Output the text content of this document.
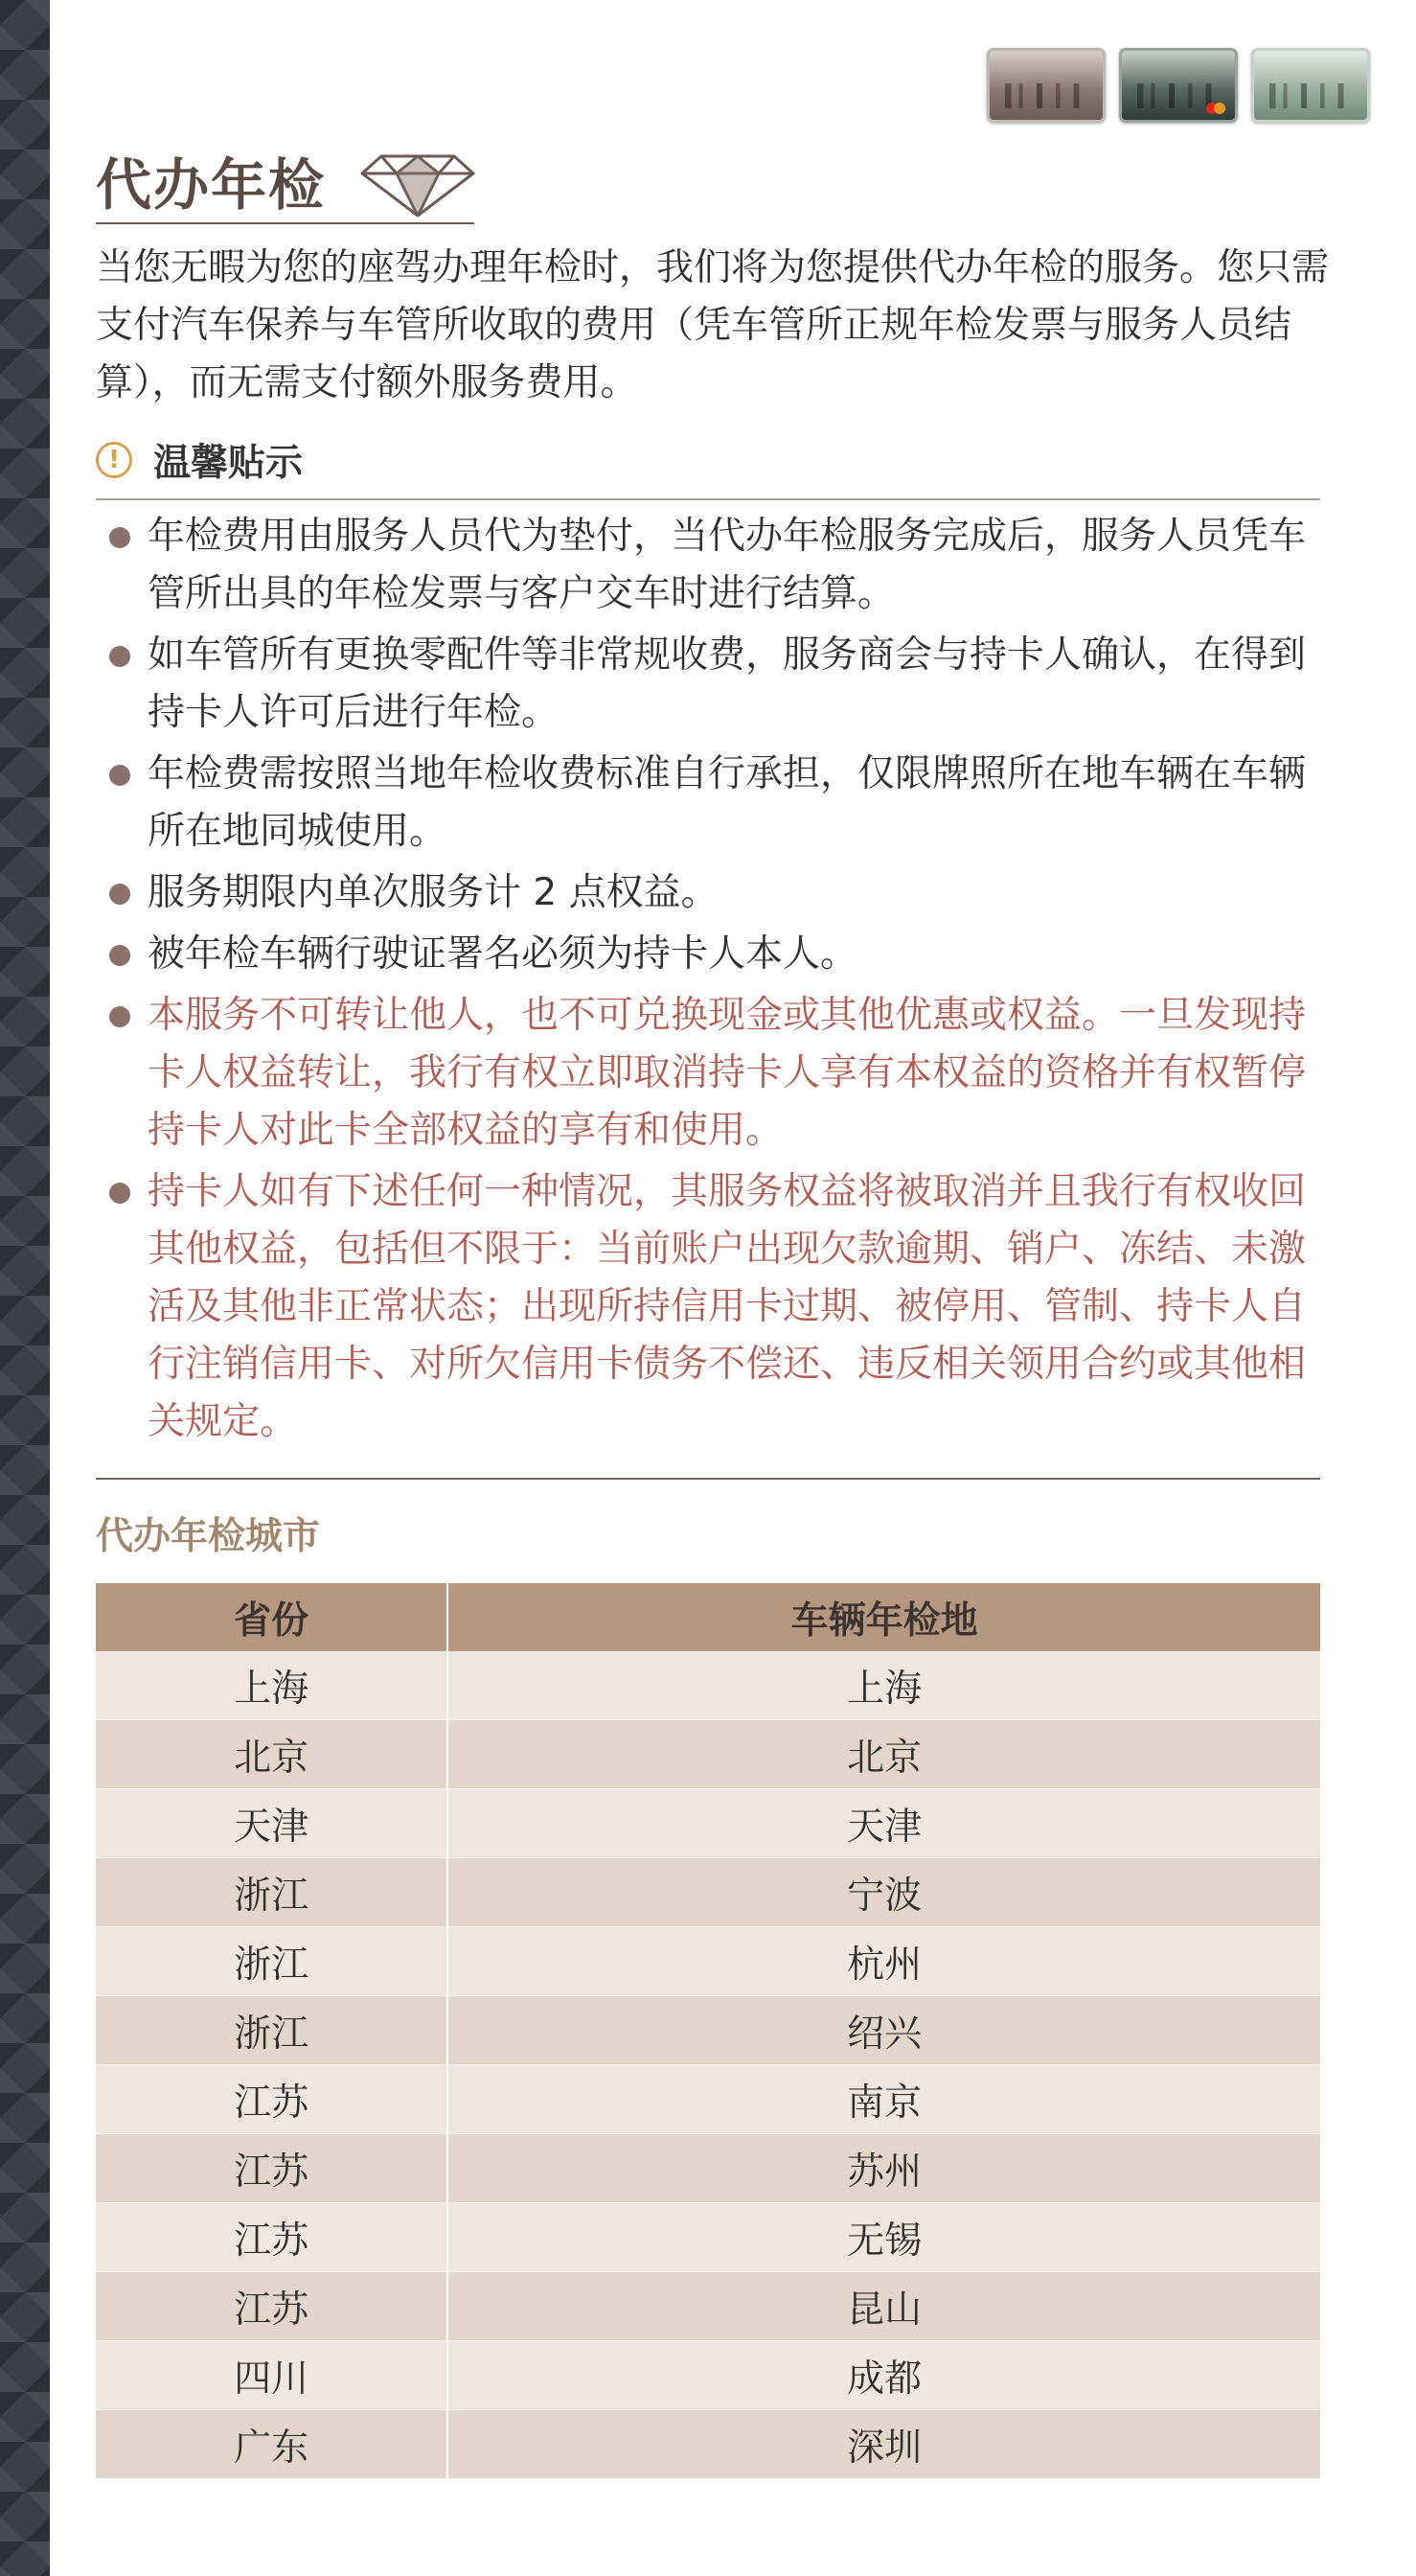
代办年检
当您无暇为您的座驾办理年检时，我们将为您提供代办年检的服务。您只需支付汽车保养与车管所收取的费用（凭车管所正规年检发票与服务人员结算），而无需支付额外服务费用。
! 温馨贴示
年检费用由服务人员代为垫付，当代办年检服务完成后，服务人员凭车管所出具的年检发票与客户交车时进行结算。
如车管所有更换零配件等非常规收费，服务商会与持卡人确认，在得到持卡人许可后进行年检。
年检费需按照当地年检收费标准自行承担，仅限牌照所在地车辆在车辆所在地同城使用。
服务期限内单次服务计 2 点权益。
被年检车辆行驶证署名必须为持卡人本人。
本服务不可转让他人，也不可兑换现金或其他优惠或权益。一旦发现持卡人权益转让，我行有权立即取消持卡人享有本权益的资格并有权暂停持卡人对此卡全部权益的享有和使用。
持卡人如有下述任何一种情况，其服务权益将被取消并且我行有权收回其他权益，包括但不限于：当前账户出现欠款逾期、销户、冻结、未激活及其他非正常状态；出现所持信用卡过期、被停用、管制、持卡人自行注销信用卡、对所欠信用卡债务不偿还、违反相关领用合约或其他相关规定。
代办年检城市
省份	车辆年检地
上海	上海
北京	北京
天津	天津
浙江	宁波
浙江	杭州
浙江	绍兴
江苏	南京
江苏	苏州
江苏	无锡
江苏	昆山
四川	成都
广东	深圳
